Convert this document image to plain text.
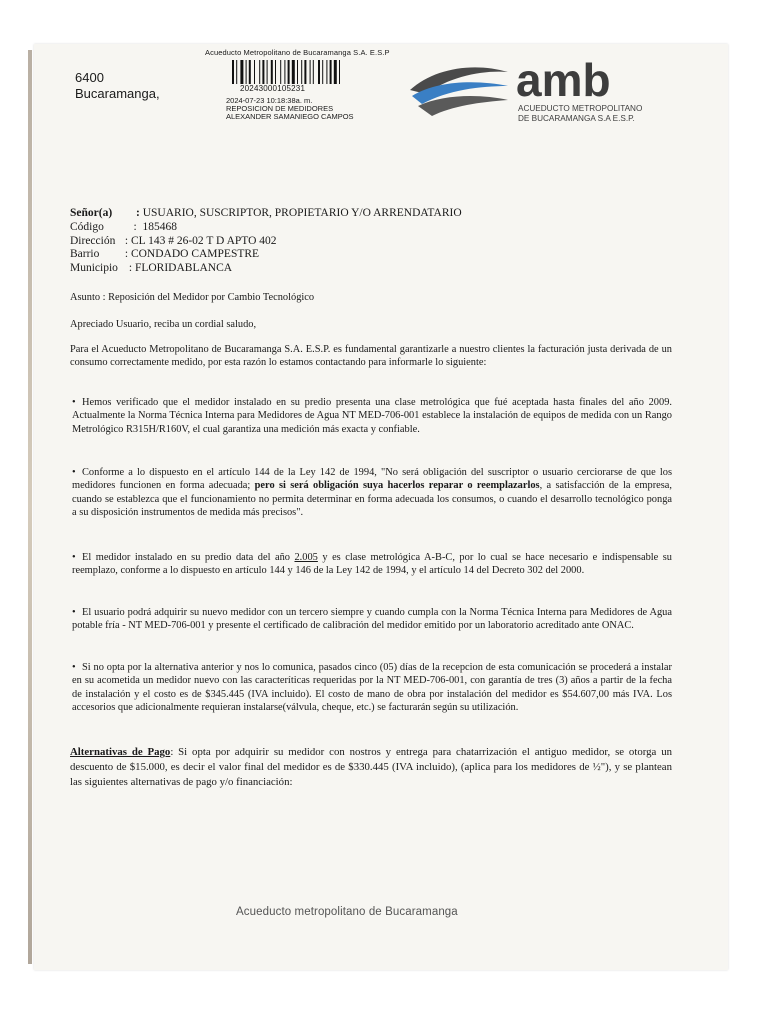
6400
Bucaramanga,
Acueducto Metropolitano de Bucaramanga S.A. E.S.P
20243000105231
2024-07-23 10:18:38a. m.
REPOSICION DE MEDIDORES
ALEXANDER SAMANIEGO CAMPOS
amb
ACUEDUCTO METROPOLITANO
DE BUCARAMANGA S.A E.S.P.
Señor(a) : USUARIO, SUSCRIPTOR, PROPIETARIO Y/O ARRENDATARIO
Código    :  185468
Dirección : CL 143 # 26-02 T D APTO 402
Barrio : CONDADO CAMPESTRE
Municipio : FLORIDABLANCA
Asunto : Reposición del Medidor por Cambio Tecnológico
Apreciado Usuario, reciba un cordial saludo,
Para el Acueducto Metropolitano de Bucaramanga S.A. E.S.P. es fundamental garantizarle a nuestro clientes la facturación justa derivada de un consumo correctamente medido, por esta razón lo estamos contactando para informarle lo siguiente:
• Hemos verificado que el medidor instalado en su predio presenta una clase metrológica que fué aceptada hasta finales del año 2009. Actualmente la Norma Técnica Interna para Medidores de Agua NT MED-706-001 establece la instalación de equipos de medida con un Rango Metrológico R315H/R160V, el cual garantiza una medición más exacta y confiable.
• Conforme a lo dispuesto en el artículo 144 de la Ley 142 de 1994, "No será obligación del suscriptor o usuario cerciorarse de que los medidores funcionen en forma adecuada; pero si será obligación suya hacerlos reparar o reemplazarlos, a satisfacción de la empresa, cuando se establezca que el funcionamiento no permita determinar en forma adecuada los consumos, o cuando el desarrollo tecnológico ponga a su disposición instrumentos de medida más precisos".
• El medidor instalado en su predio data del año 2.005 y es clase metrológica A-B-C, por lo cual se hace necesario e indispensable su reemplazo, conforme a lo dispuesto en artículo 144 y 146 de la Ley 142 de 1994, y el artículo 14 del Decreto 302 del 2000.
• El usuario podrá adquirir su nuevo medidor con un tercero siempre y cuando cumpla con la Norma Técnica Interna para Medidores de Agua potable fría - NT MED-706-001 y presente el certificado de calibración del medidor emitido por un laboratorio acreditado ante ONAC.
• Si no opta por la alternativa anterior y nos lo comunica, pasados cinco (05) días de la recepcion de esta comunicación se procederá a instalar en su acometida un medidor nuevo con las caracteríticas requeridas por la NT MED-706-001, con garantía de tres (3) años a partir de la fecha de instalación y el costo es de $345.445 (IVA incluido). El costo de mano de obra por instalación del medidor es $54.607,00 más IVA. Los accesorios que adicionalmente requieran instalarse(válvula, cheque, etc.) se facturarán según su utilización.
Alternativas de Pago: Si opta por adquirir su medidor con nostros y entrega para chatarrización el antiguo medidor, se otorga un descuento de $15.000, es decir el valor final del medidor es de $330.445 (IVA incluido), (aplica para los medidores de ½"), y se plantean las siguientes alternativas de pago y/o financiación:
Acueducto metropolitano de Bucaramanga
